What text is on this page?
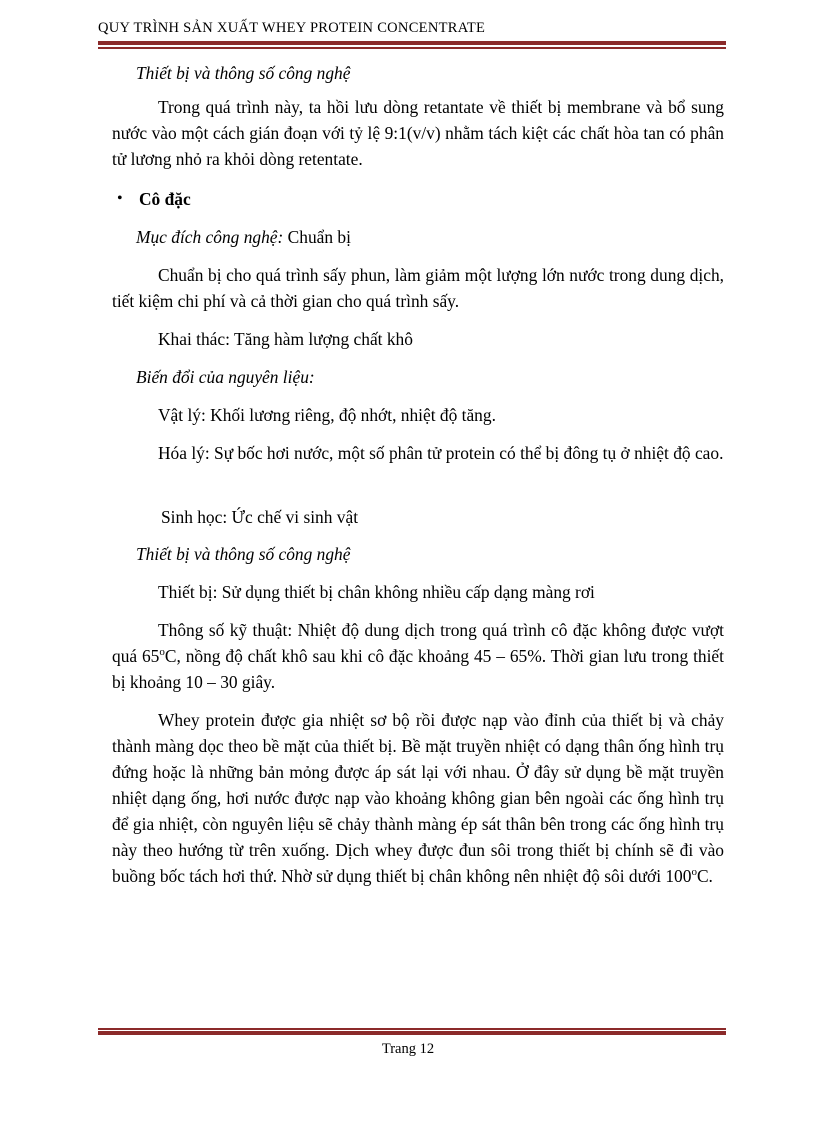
QUY TRÌNH SẢN XUẤT WHEY PROTEIN CONCENTRATE
Thiết bị và thông số công nghệ

Trong quá trình này, ta hồi lưu dòng retantate về thiết bị membrane và bổ sung nước vào một cách gián đoạn với tỷ lệ 9:1(v/v) nhằm tách kiệt các chất hòa tan có phân tử lương nhỏ ra khỏi dòng retentate.

• Cô đặc
Mục đích công nghệ: Chuẩn bị

Chuẩn bị cho quá trình sấy phun, làm giảm một lượng lớn nước trong dung dịch, tiết kiệm chi phí và cả thời gian cho quá trình sấy.

Khai thác: Tăng hàm lượng chất khô
Biến đổi của nguyên liệu:
Vật lý: Khối lương riêng, độ nhớt, nhiệt độ tăng.

Hóa lý: Sự bốc hơi nước, một số phân tử protein có thể bị đông tụ ở nhiệt độ cao.

Sinh học: Ức chế vi sinh vật
Thiết bị và thông số công nghệ
Thiết bị: Sử dụng thiết bị chân không nhiều cấp dạng màng rơi

Thông số kỹ thuật: Nhiệt độ dung dịch trong quá trình cô đặc không được vượt quá 65$^o$C, nồng độ chất khô sau khi cô đặc khoảng 45 – 65%. Thời gian lưu trong thiết bị khoảng 10 – 30 giây.

Whey protein được gia nhiệt sơ bộ rồi được nạp vào đỉnh của thiết bị và chảy thành màng dọc theo bề mặt của thiết bị. Bề mặt truyền nhiệt có dạng thân ống hình trụ đứng hoặc là những bản mỏng được áp sát lại với nhau. Ở đây sử dụng bề mặt truyền nhiệt dạng ống, hơi nước được nạp vào khoảng không gian bên ngoài các ống hình trụ để gia nhiệt, còn nguyên liệu sẽ chảy thành màng ép sát thân bên trong các ống hình trụ này theo hướng từ trên xuống. Dịch whey được đun sôi trong thiết bị chính sẽ đi vào buồng bốc tách hơi thứ. Nhờ sử dụng thiết bị chân không nên nhiệt độ sôi dưới 100$^o$C.

Trang 12
